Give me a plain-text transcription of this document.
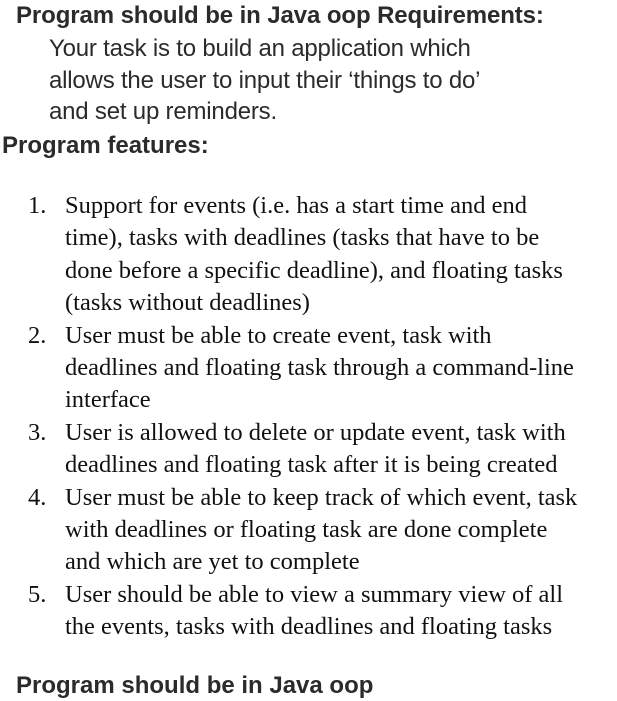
Program should be in Java oop Requirements:
Your task is to build an application which
allows the user to input their ‘things to do’
and set up reminders.
Program features:
1. Support for events (i.e. has a start time and end
time), tasks with deadlines (tasks that have to be
done before a specific deadline), and floating tasks
(tasks without deadlines)
2. User must be able to create event, task with
deadlines and floating task through a command-line
interface
3. User is allowed to delete or update event, task with
deadlines and floating task after it is being created
4. User must be able to keep track of which event, task
with deadlines or floating task are done complete
and which are yet to complete
5. User should be able to view a summary view of all
the events, tasks with deadlines and floating tasks
Program should be in Java oop
